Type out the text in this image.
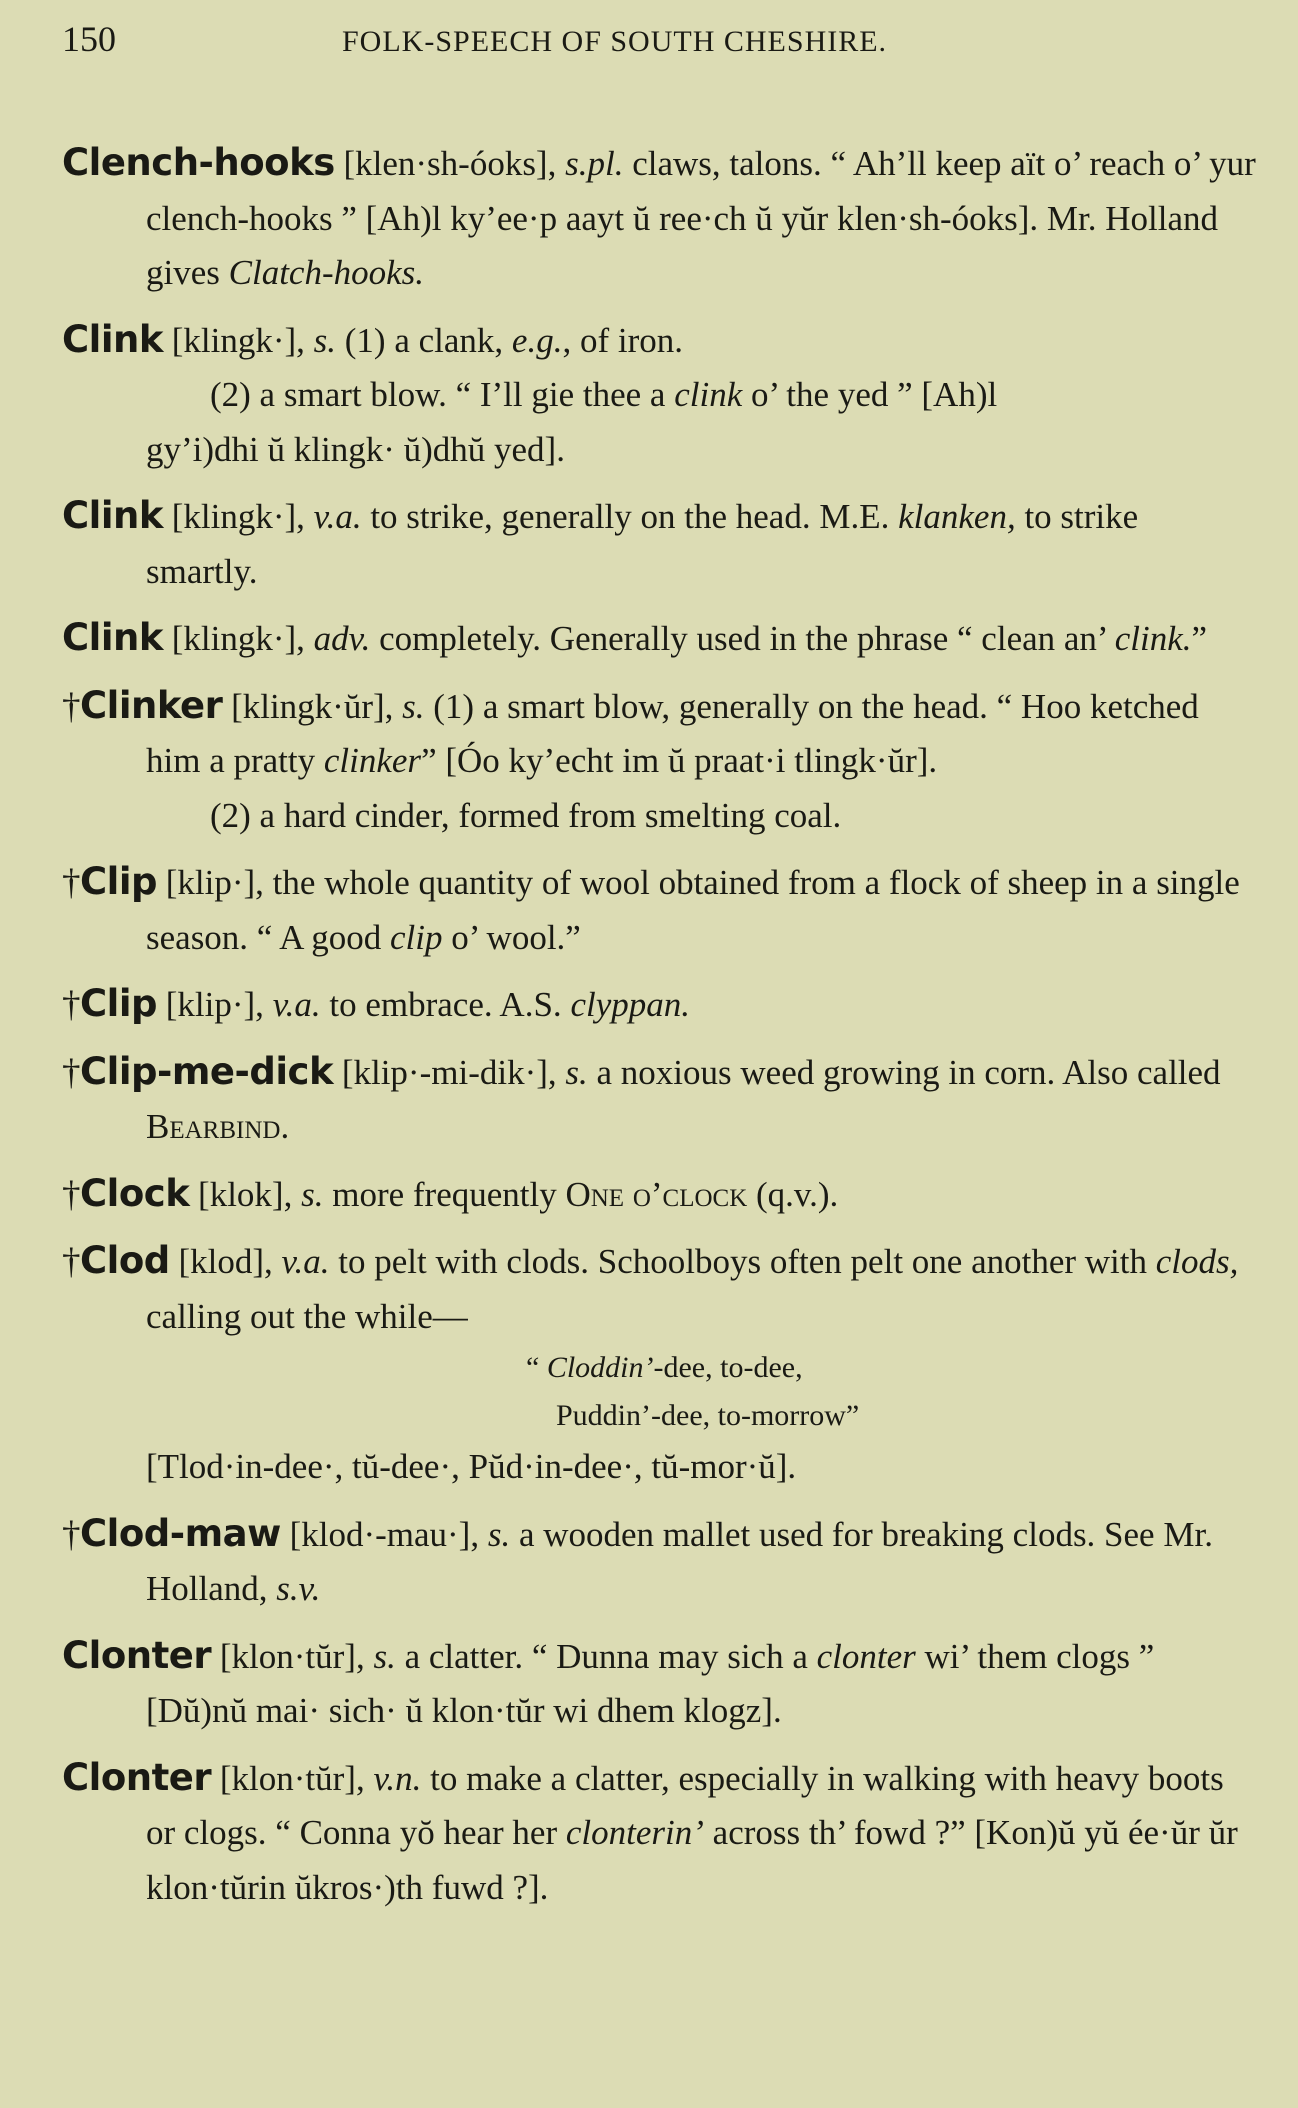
150	FOLK-SPEECH OF SOUTH CHESHIRE.
Clench-hooks [klen·sh-óoks], s.pl. claws, talons. “ Ah’ll keep aït o’ reach o’ yur clench-hooks ” [Ah)l ky’ee·p aayt ŭ ree·ch ŭ yŭr klen·sh-óoks]. Mr. Holland gives Clatch-hooks.
Clink [klingk·], s. (1) a clank, e.g., of iron.
(2) a smart blow. “ I’ll gie thee a clink o’ the yed ” [Ah)l
gy’i)dhi ŭ klingk· ŭ)dhŭ yed].
Clink [klingk·], v.a. to strike, generally on the head. M.E. klanken, to strike smartly.
Clink [klingk·], adv. completely. Generally used in the phrase “ clean an’ clink.”
†Clinker [klingk·ŭr], s. (1) a smart blow, generally on the head. “ Hoo ketched him a pratty clinker” [Óo ky’echt im ŭ praat·i tlingk·ŭr].
(2) a hard cinder, formed from smelting coal.
†Clip [klip·], the whole quantity of wool obtained from a flock of sheep in a single season. “ A good clip o’ wool.”
†Clip [klip·], v.a. to embrace. A.S. clyppan.
†Clip-me-dick [klip·-mi-dik·], s. a noxious weed growing in corn. Also called Bearbind.
†Clock [klok], s. more frequently One o’clock (q.v.).
†Clod [klod], v.a. to pelt with clods. Schoolboys often pelt one another with clods, calling out the while—
“ Cloddin’-dee, to-dee,
Puddin’-dee, to-morrow”
[Tlod·in-dee·, tŭ-dee·, Pŭd·in-dee·, tŭ-mor·ŭ].
†Clod-maw [klod·-mau·], s. a wooden mallet used for breaking clods. See Mr. Holland, s.v.
Clonter [klon·tŭr], s. a clatter. “ Dunna may sich a clonter wi’ them clogs ” [Dŭ)nŭ mai· sich· ŭ klon·tŭr wi dhem klogz].
Clonter [klon·tŭr], v.n. to make a clatter, especially in walking with heavy boots or clogs. “ Conna yŏ hear her clonterin’ across th’ fowd ?” [Kon)ŭ yŭ ée·ŭr ŭr klon·tŭrin ŭkros·)th fuwd ?].
